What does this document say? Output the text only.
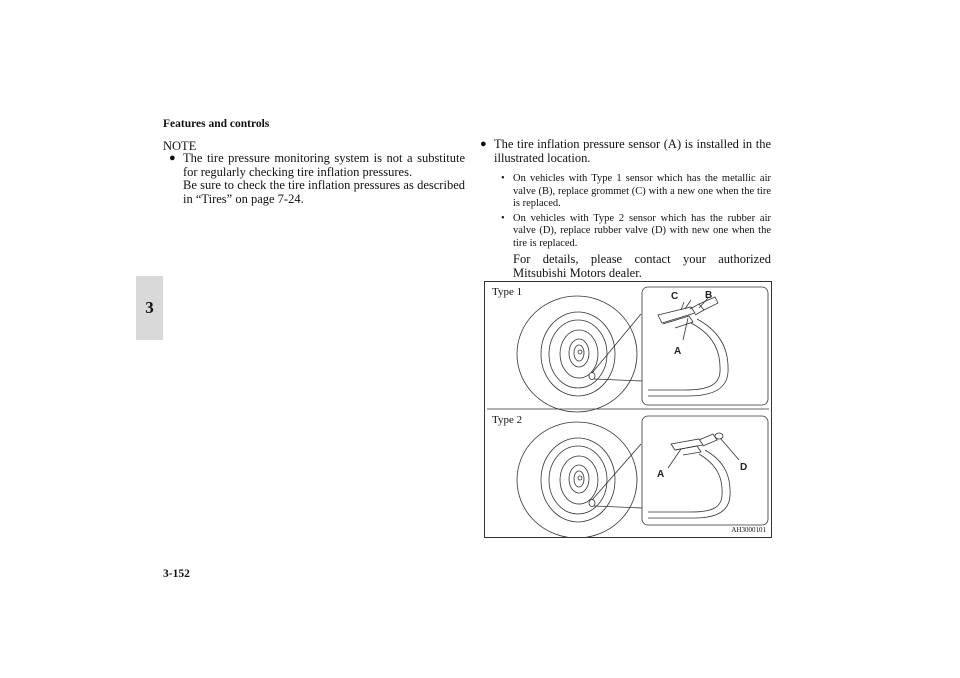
Features and controls
3
3-152
NOTE
● The tire pressure monitoring system is not a substitute for regularly checking tire inflation pressures.
Be sure to check the tire inflation pressures as described in “Tires” on page 7-24.
● The tire inflation pressure sensor (A) is installed in the illustrated location.
• On vehicles with Type 1 sensor which has the metallic air valve (B), replace grommet (C) with a new one when the tire is replaced.
• On vehicles with Type 2 sensor which has the rubber air valve (D), replace rubber valve (D) with new one when the tire is replaced.
For details, please contact your authorized Mitsubishi Motors dealer.
Type 1
Type 2
C	B
A
A
D
AH3000101
